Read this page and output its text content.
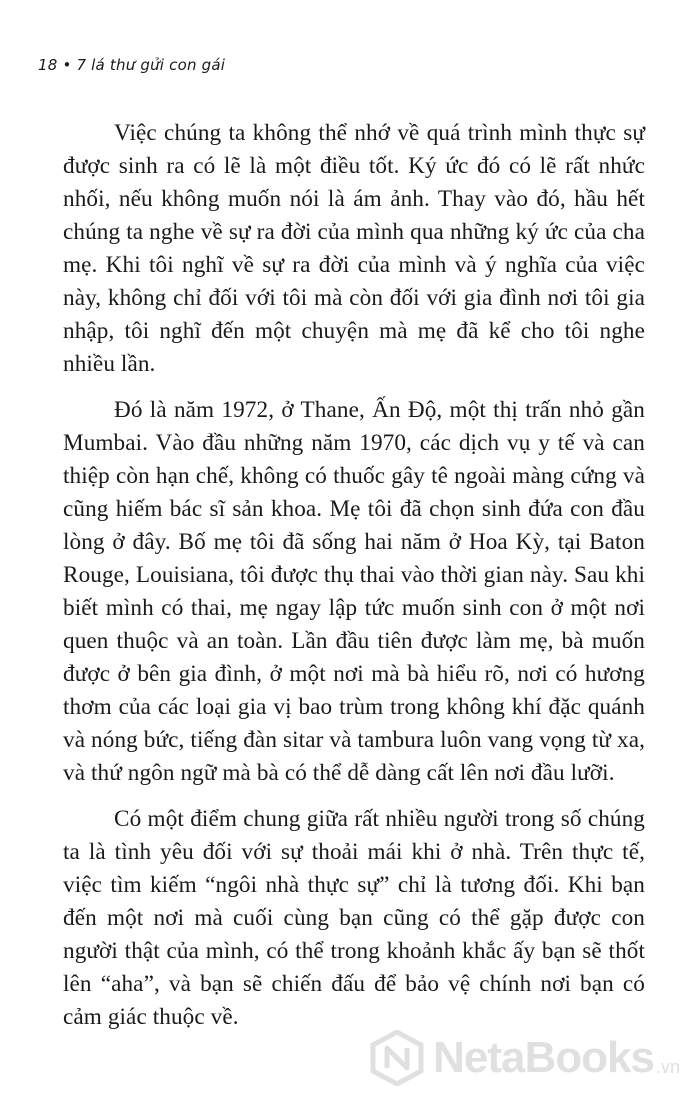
18 • 7 lá thư gửi con gái

Việc chúng ta không thể nhớ về quá trình mình thực sự được sinh ra có lẽ là một điều tốt. Ký ức đó có lẽ rất nhức nhối, nếu không muốn nói là ám ảnh. Thay vào đó, hầu hết chúng ta nghe về sự ra đời của mình qua những ký ức của cha mẹ. Khi tôi nghĩ về sự ra đời của mình và ý nghĩa của việc này, không chỉ đối với tôi mà còn đối với gia đình nơi tôi gia nhập, tôi nghĩ đến một chuyện mà mẹ đã kể cho tôi nghe nhiều lần.

Đó là năm 1972, ở Thane, Ấn Độ, một thị trấn nhỏ gần Mumbai. Vào đầu những năm 1970, các dịch vụ y tế và can thiệp còn hạn chế, không có thuốc gây tê ngoài màng cứng và cũng hiếm bác sĩ sản khoa. Mẹ tôi đã chọn sinh đứa con đầu lòng ở đây. Bố mẹ tôi đã sống hai năm ở Hoa Kỳ, tại Baton Rouge, Louisiana, tôi được thụ thai vào thời gian này. Sau khi biết mình có thai, mẹ ngay lập tức muốn sinh con ở một nơi quen thuộc và an toàn. Lần đầu tiên được làm mẹ, bà muốn được ở bên gia đình, ở một nơi mà bà hiểu rõ, nơi có hương thơm của các loại gia vị bao trùm trong không khí đặc quánh và nóng bức, tiếng đàn sitar và tambura luôn vang vọng từ xa, và thứ ngôn ngữ mà bà có thể dễ dàng cất lên nơi đầu lưỡi.

Có một điểm chung giữa rất nhiều người trong số chúng ta là tình yêu đối với sự thoải mái khi ở nhà. Trên thực tế, việc tìm kiếm “ngôi nhà thực sự” chỉ là tương đối. Khi bạn đến một nơi mà cuối cùng bạn cũng có thể gặp được con người thật của mình, có thể trong khoảnh khắc ấy bạn sẽ thốt lên “aha”, và bạn sẽ chiến đấu để bảo vệ chính nơi bạn có cảm giác thuộc về.

NetaBooks .vn
